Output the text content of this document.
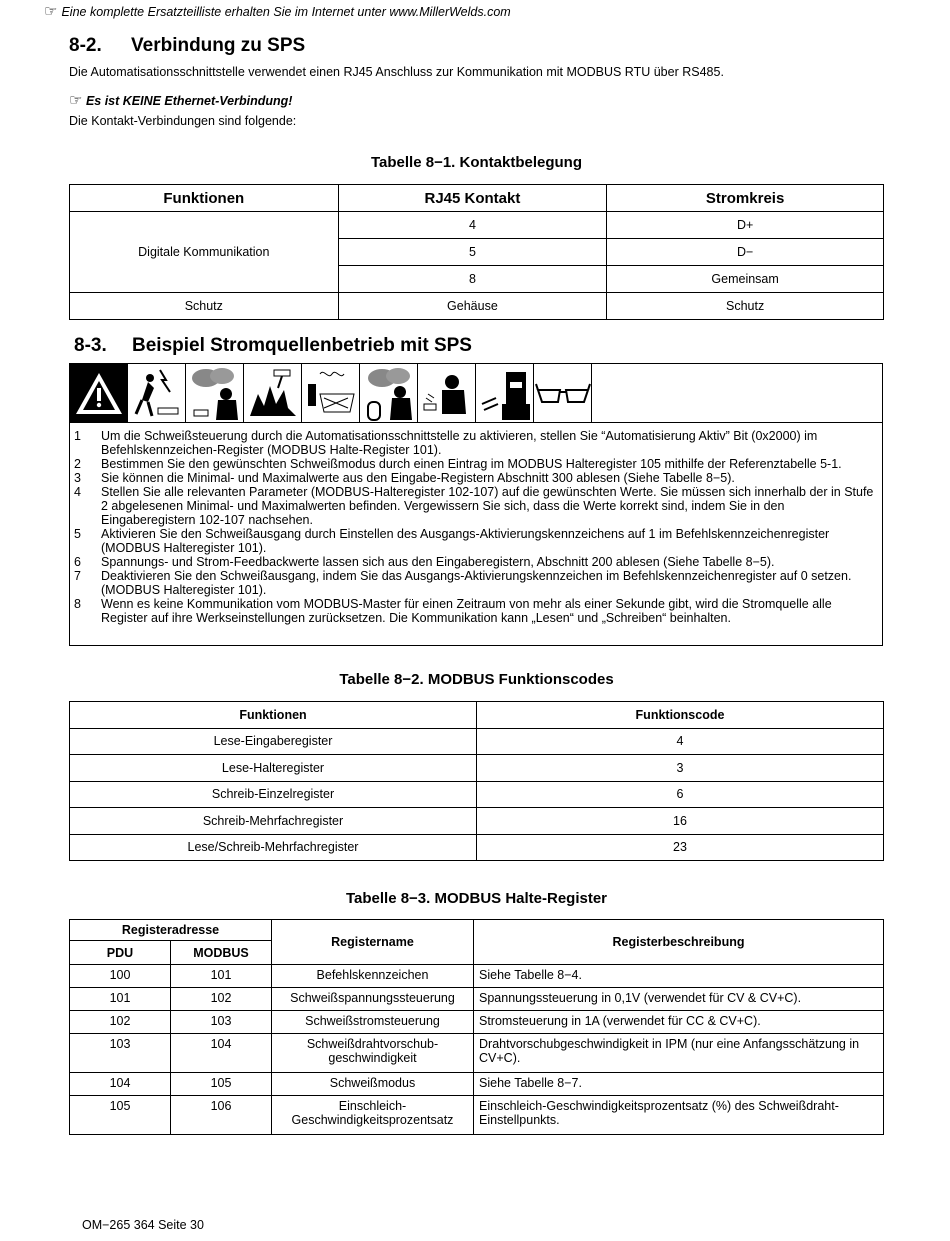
☞ Eine komplette Ersatzteilliste erhalten Sie im Internet unter www.MillerWelds.com
8-2. Verbindung zu SPS
Die Automatisationsschnittstelle verwendet einen RJ45 Anschluss zur Kommunikation mit MODBUS RTU über RS485.
☞ Es ist KEINE Ethernet-Verbindung!
Die Kontakt-Verbindungen sind folgende:
Tabelle 8−1. Kontaktbelegung
Funktionen	RJ45 Kontakt	Stromkreis
Digitale Kommunikation	4	D+
	5	D−
	8	Gemeinsam
Schutz	Gehäuse	Schutz
8-3. Beispiel Stromquellenbetrieb mit SPS
1	Um die Schweißsteuerung durch die Automatisationsschnittstelle zu aktivieren, stellen Sie “Automatisierung Aktiv” Bit (0x2000) im Befehlskennzeichen-Register (MODBUS Halte-Register 101).
2	Bestimmen Sie den gewünschten Schweißmodus durch einen Eintrag im MODBUS Halteregister 105 mithilfe der Referenztabelle 5-1.
3	Sie können die Minimal- und Maximalwerte aus den Eingabe-Registern Abschnitt 300 ablesen (Siehe Tabelle 8−5).
4	Stellen Sie alle relevanten Parameter (MODBUS-Halteregister 102-107) auf die gewünschten Werte. Sie müssen sich innerhalb der in Stufe 2 abgelesenen Minimal- und Maximalwerten befinden. Vergewissern Sie sich, dass die Werte korrekt sind, indem Sie in den Eingaberegistern 102-107 nachsehen.
5	Aktivieren Sie den Schweißausgang durch Einstellen des Ausgangs-Aktivierungskennzeichens auf 1 im Befehlskennzeichenregister (MODBUS Halteregister 101).
6	Spannungs- und Strom-Feedbackwerte lassen sich aus den Eingaberegistern, Abschnitt 200 ablesen (Siehe Tabelle 8−5).
7	Deaktivieren Sie den Schweißausgang, indem Sie das Ausgangs-Aktivierungskennzeichen im Befehlskennzeichenregister auf 0 setzen. (MODBUS Halteregister 101).
8	Wenn es keine Kommunikation vom MODBUS-Master für einen Zeitraum von mehr als einer Sekunde gibt, wird die Stromquelle alle Register auf ihre Werkseinstellungen zurücksetzen. Die Kommunikation kann „Lesen“ und „Schreiben“ beinhalten.
Tabelle 8−2. MODBUS Funktionscodes
Funktionen	Funktionscode
Lese-Eingaberegister	4
Lese-Halteregister	3
Schreib-Einzelregister	6
Schreib-Mehrfachregister	16
Lese/Schreib-Mehrfachregister	23
Tabelle 8−3. MODBUS Halte-Register
Registeradresse		Registername	Registerbeschreibung
PDU	MODBUS		
100	101	Befehlskennzeichen	Siehe Tabelle 8−4.
101	102	Schweißspannungssteuerung	Spannungssteuerung in 0,1V (verwendet für CV & CV+C).
102	103	Schweißstromsteuerung	Stromsteuerung in 1A (verwendet für CC & CV+C).
103	104	Schweißdrahtvorschub-
geschwindigkeit	Drahtvorschubgeschwindigkeit in IPM (nur eine Anfangsschätzung in CV+C).
104	105	Schweißmodus	Siehe Tabelle 8−7.
105	106	Einschleich-
Geschwindigkeitsprozentsatz	Einschleich-Geschwindigkeitsprozentsatz (%) des Schweißdraht-Einstellpunkts.
OM−265 364 Seite 30
